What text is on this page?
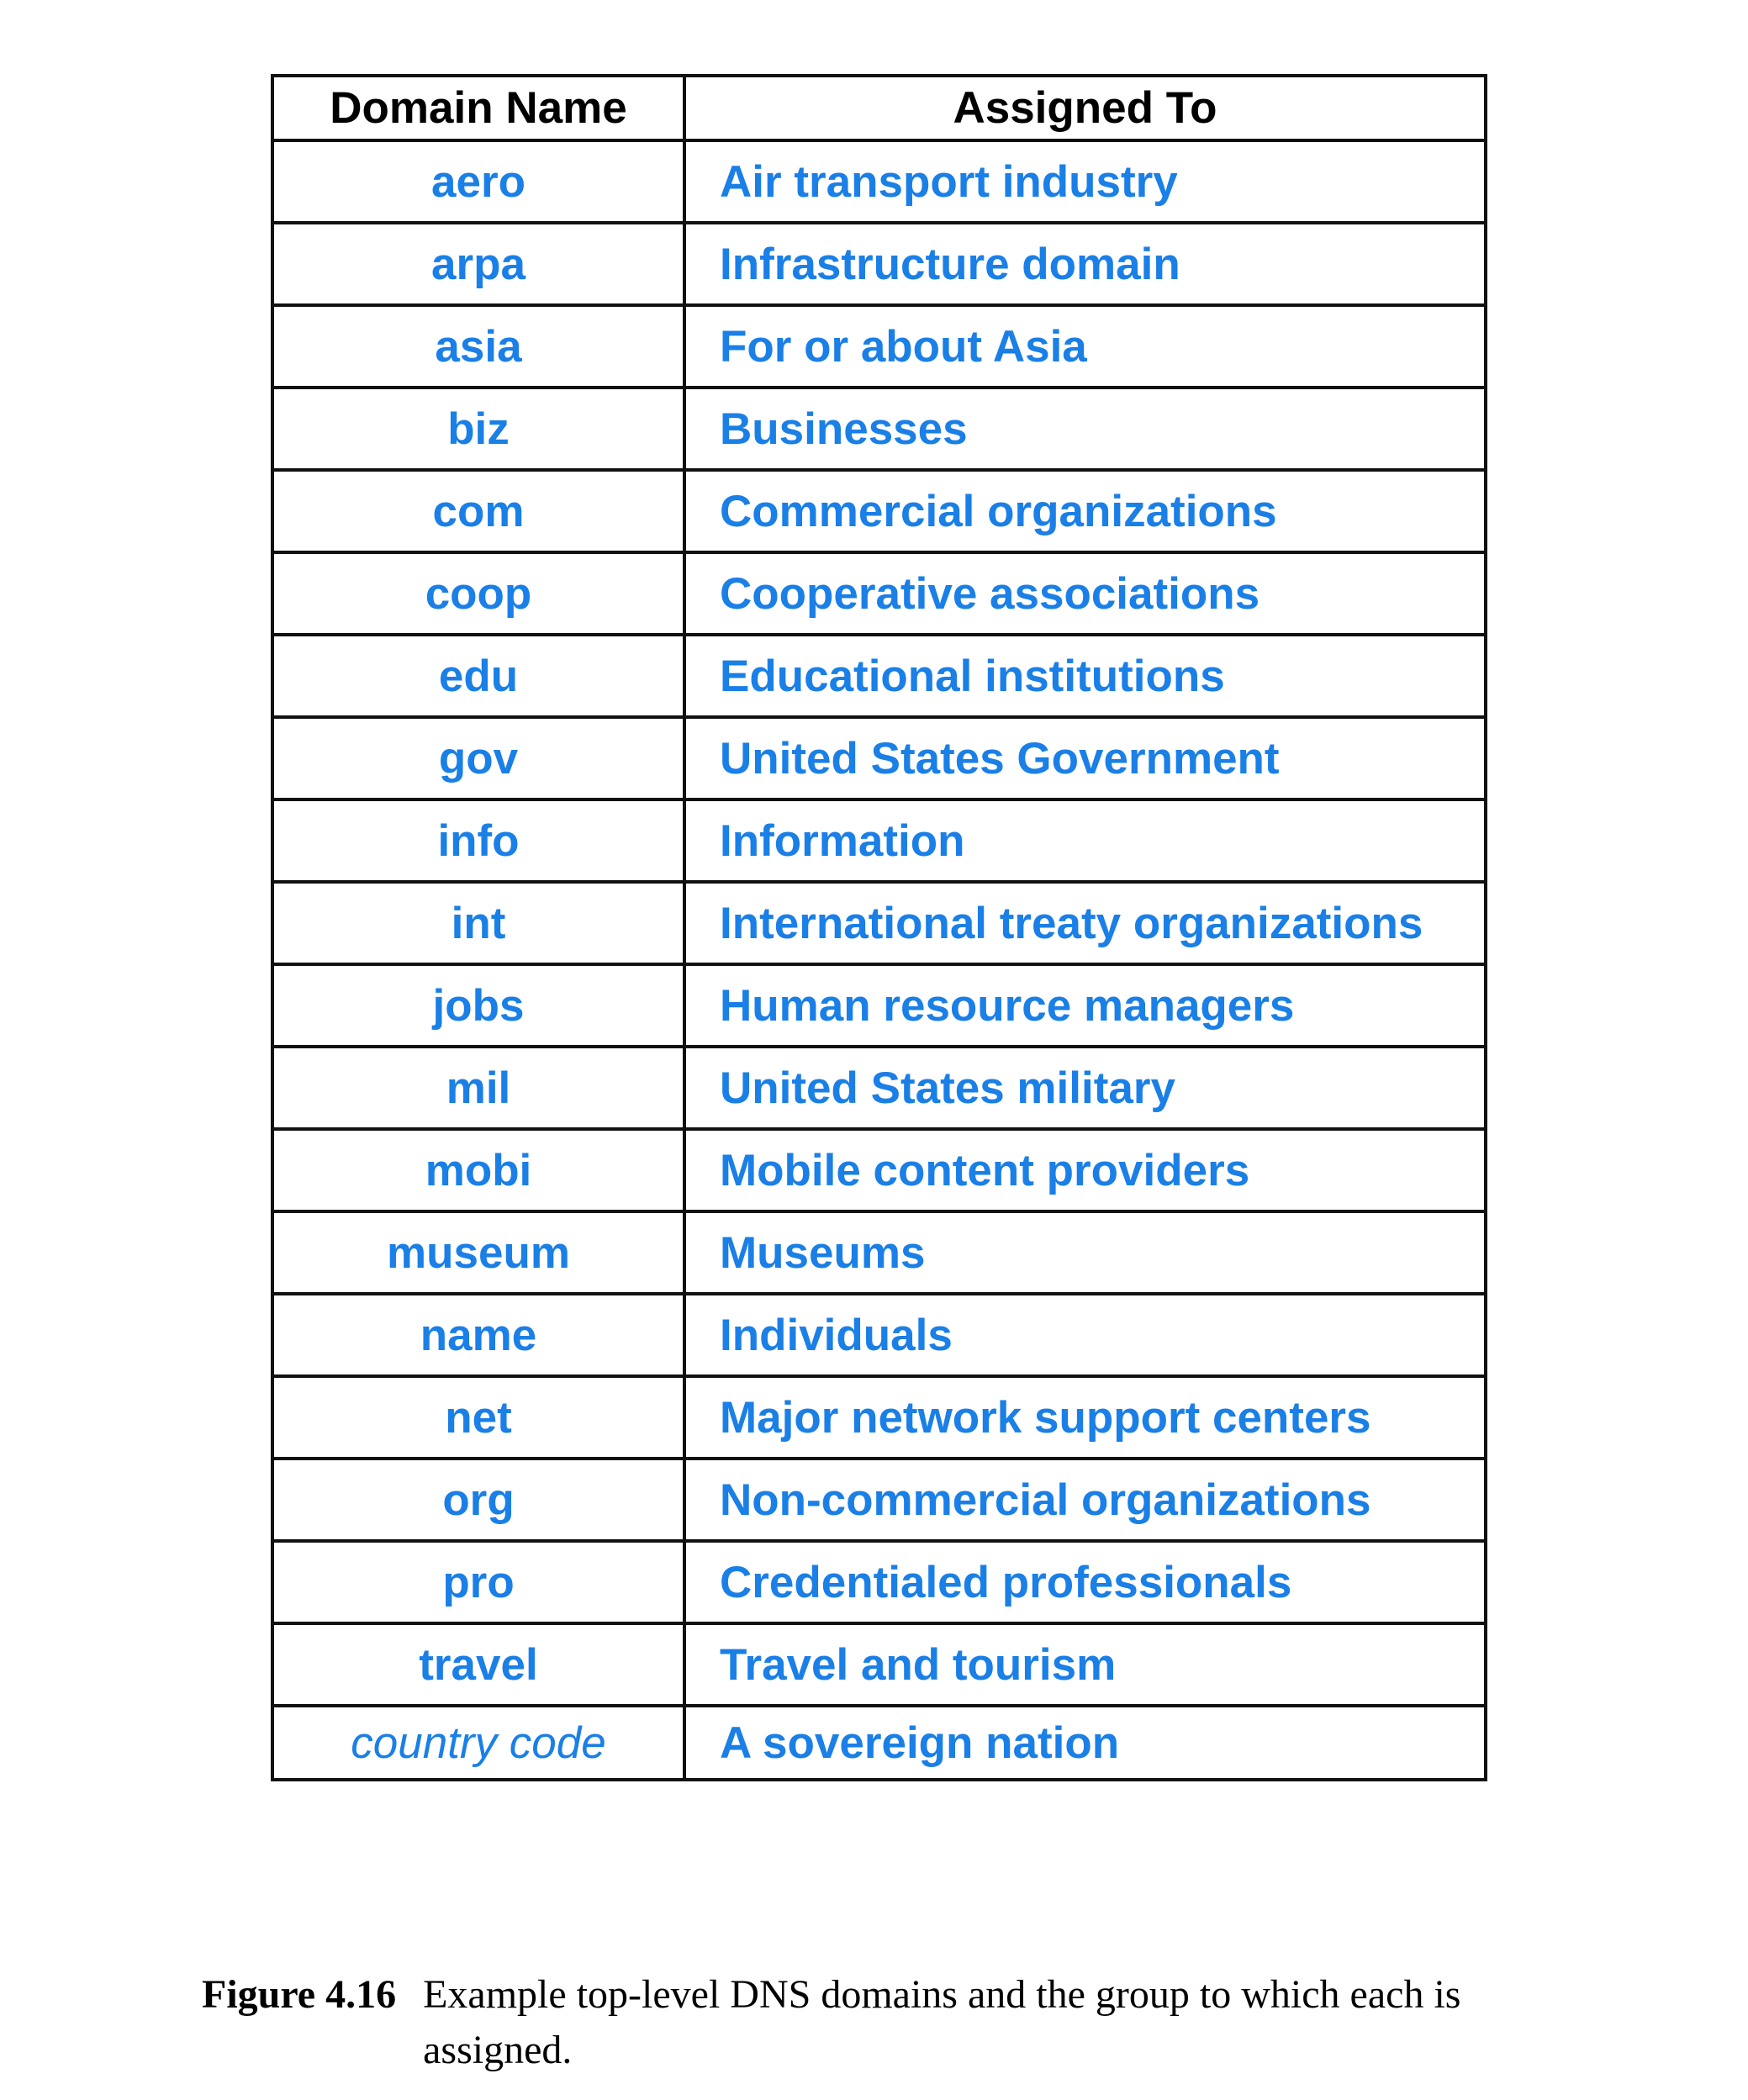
Domain Name	Assigned To
aero	Air transport industry
arpa	Infrastructure domain
asia	For or about Asia
biz	Businesses
com	Commercial organizations
coop	Cooperative associations
edu	Educational institutions
gov	United States Government
info	Information
int	International treaty organizations
jobs	Human resource managers
mil	United States military
mobi	Mobile content providers
museum	Museums
name	Individuals
net	Major network support centers
org	Non-commercial organizations
pro	Credentialed professionals
travel	Travel and tourism
country code	A sovereign nation
Figure 4.16 Example top-level DNS domains and the group to which each is assigned.
